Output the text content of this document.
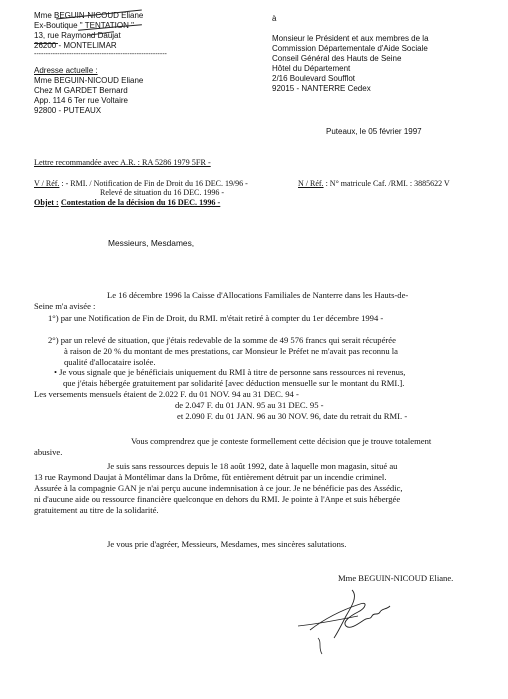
Mme BEGUIN-NICOUD Eliane
Ex-Boutique " TENTATION "
13, rue Raymond Daujat
26200 - MONTELIMAR
---------------------------------------------------------
Adresse actuelle :
Mme BEGUIN-NICOUD Eliane
Chez M GARDET Bernard
App. 114 6 Ter rue Voltaire
92800 - PUTEAUX
à
Monsieur le Président et aux membres de la
Commission Départementale d'Aide Sociale
Conseil Général des Hauts de Seine
Hôtel du Département
2/16 Boulevard Soufflot
92015 - NANTERRE Cedex
Puteaux, le 05 février 1997
Lettre recommandée avec A.R. : RA 5286 1979 5FR -
V / Réf. : - RMI. / Notification de Fin de Droit du 16 DEC. 19/96 -
Relevé de situation du 16 DEC. 1996 -
N / Réf. : N° matricule Caf. /RMI. : 3885622 V
Objet : Contestation de la décision du 16 DEC. 1996 -
Messieurs, Mesdames,
Le 16 décembre 1996 la Caisse d'Allocations Familiales de Nanterre dans les Hauts-de-
Seine m'a avisée :
1°) par une Notification de Fin de Droit, du RMI. m'était retiré à compter du 1er décembre 1994 -
2°) par un relevé de situation, que j'étais redevable de la somme de 49 576 francs qui serait récupérée
à raison de 20 % du montant de mes prestations, car Monsieur le Préfet ne m'avait pas reconnu la
qualité d'allocataire isolée.
• Je vous signale que je bénéficiais uniquement du RMI à titre de personne sans ressources ni revenus,
que j'étais hébergée gratuitement par solidarité [avec déduction mensuelle sur le montant du RMI.].
Les versements mensuels étaient de 2.022 F. du 01 NOV. 94 au 31 DEC. 94 -
de 2.047 F. du 01 JAN. 95 au 31 DEC. 95 -
et 2.090 F. du 01 JAN. 96 au 30 NOV. 96, date du retrait du RMI. -
Vous comprendrez que je conteste formellement cette décision que je trouve totalement
abusive.
Je suis sans ressources depuis le 18 août 1992, date à laquelle mon magasin, situé au
13 rue Raymond Daujat à Montélimar dans la Drôme, fût entièrement détruit par un incendie criminel.
Assurée à la compagnie GAN je n'ai perçu aucune indemnisation à ce jour. Je ne bénéficie pas des Assédic,
ni d'aucune aide ou ressource financière quelconque en dehors du RMI. Je pointe à l'Anpe et suis hébergée
gratuitement au titre de la solidarité.
Je vous prie d'agréer, Messieurs, Mesdames, mes sincères salutations.
Mme BEGUIN-NICOUD Eliane.
